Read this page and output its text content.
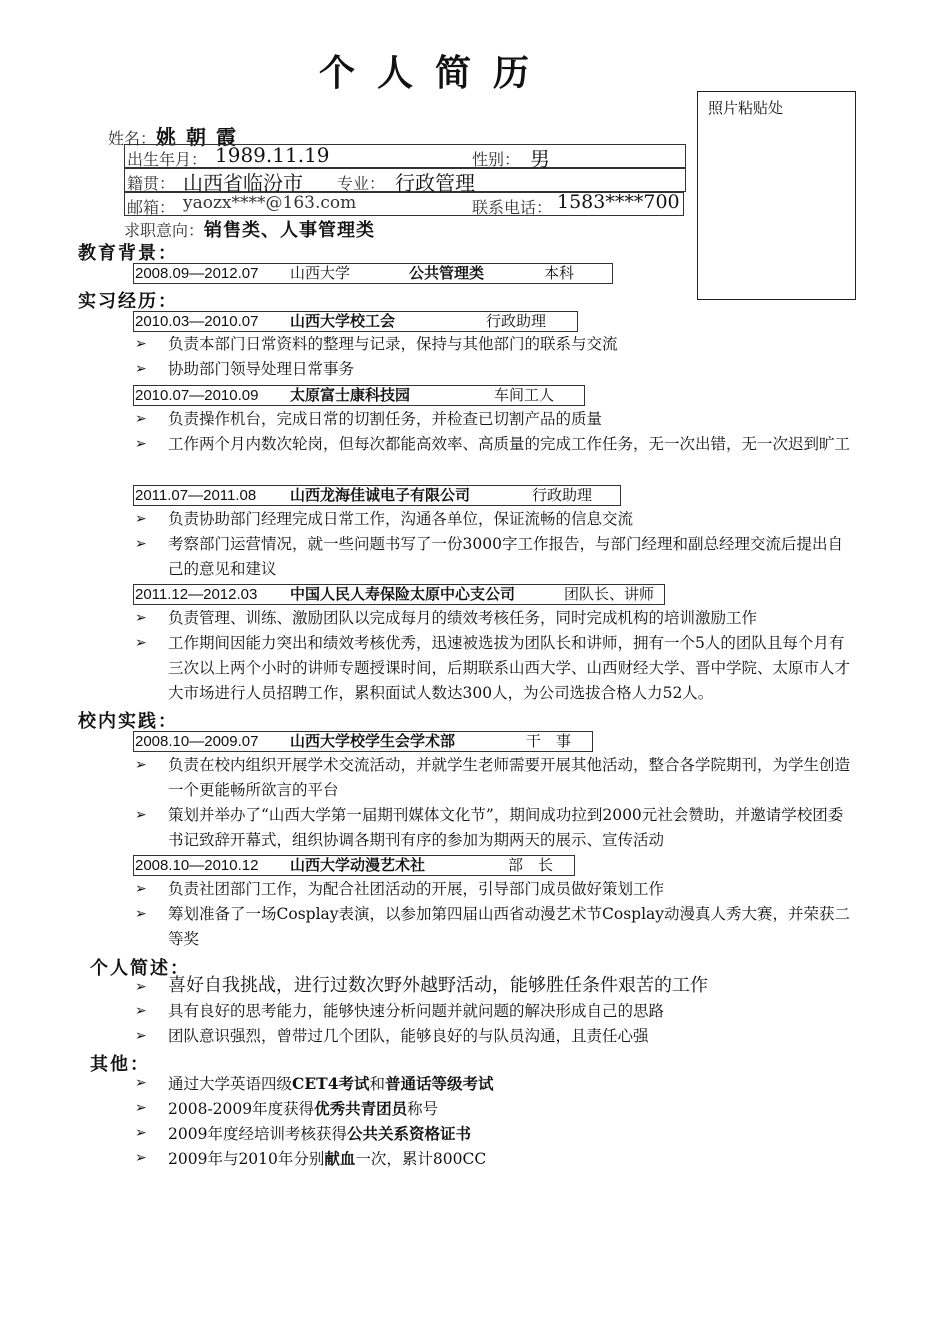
个人简历
照片粘贴处
姓名：姚朝霞
出生年月： 1989.11.19	性别： 男
籍贯： 山西省临汾市 专业： 行政管理
邮箱： yaozx****@163.com	联系电话： 1583****700
求职意向：销售类、人事管理类
教育背景：
2008.09—2012.07 山西大学	公共管理类	本科
实习经历：
2010.03—2010.07 山西大学校工会	行政助理
➢ 负责本部门日常资料的整理与记录，保持与其他部门的联系与交流
➢ 协助部门领导处理日常事务
2010.07—2010.09 太原富士康科技园	车间工人
➢ 负责操作机台，完成日常的切割任务，并检查已切割产品的质量
➢ 工作两个月内数次轮岗，但每次都能高效率、高质量的完成工作任务，无一次出错，无一次迟到旷工
2011.07—2011.08 山西龙海佳诚电子有限公司	行政助理
➢ 负责协助部门经理完成日常工作，沟通各单位，保证流畅的信息交流
➢ 考察部门运营情况，就一些问题书写了一份3000字工作报告，与部门经理和副总经理交流后提出自己的意见和建议
2011.12—2012.03 中国人民人寿保险太原中心支公司	团队长、讲师
➢ 负责管理、训练、激励团队以完成每月的绩效考核任务，同时完成机构的培训激励工作
➢ 工作期间因能力突出和绩效考核优秀，迅速被选拔为团队长和讲师，拥有一个5人的团队且每个月有三次以上两个小时的讲师专题授课时间，后期联系山西大学、山西财经大学、晋中学院、太原市人才大市场进行人员招聘工作，累积面试人数达300人，为公司选拔合格人力52人。
校内实践：
2008.10—2009.07 山西大学校学生会学术部	干　事
➢ 负责在校内组织开展学术交流活动，并就学生老师需要开展其他活动，整合各学院期刊，为学生创造一个更能畅所欲言的平台
➢ 策划并举办了“山西大学第一届期刊媒体文化节”，期间成功拉到2000元社会赞助，并邀请学校团委书记致辞开幕式，组织协调各期刊有序的参加为期两天的展示、宣传活动
2008.10—2010.12 山西大学动漫艺术社	部　长
➢ 负责社团部门工作，为配合社团活动的开展，引导部门成员做好策划工作
➢ 筹划准备了一场Cosplay表演，以参加第四届山西省动漫艺术节Cosplay动漫真人秀大赛，并荣获二等奖
个人简述：
➢ 喜好自我挑战，进行过数次野外越野活动，能够胜任条件艰苦的工作
➢ 具有良好的思考能力，能够快速分析问题并就问题的解决形成自己的思路
➢ 团队意识强烈，曾带过几个团队，能够良好的与队员沟通，且责任心强
其他：
➢ 通过大学英语四级CET4考试和普通话等级考试
➢ 2008-2009年度获得优秀共青团员称号
➢ 2009年度经培训考核获得公共关系资格证书
➢ 2009年与2010年分别献血一次，累计800CC
